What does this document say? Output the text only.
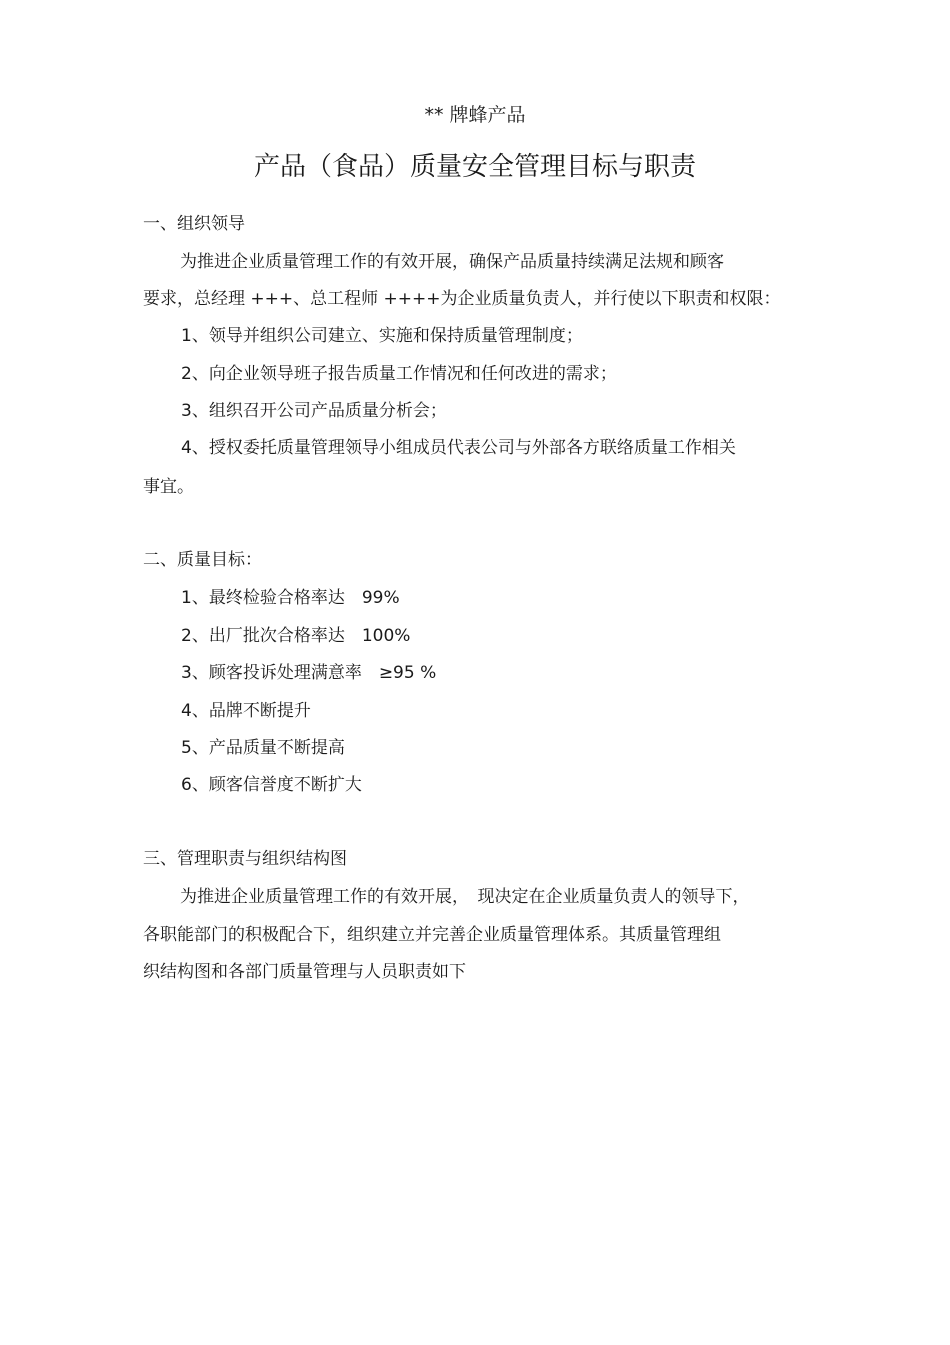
** 牌蜂产品
产品（食品）质量安全管理目标与职责
一、组织领导
为推进企业质量管理工作的有效开展，确保产品质量持续满足法规和顾客
要求，总经理 +++、总工程师 ++++为企业质量负责人，并行使以下职责和权限：
1、领导并组织公司建立、实施和保持质量管理制度；
2、向企业领导班子报告质量工作情况和任何改进的需求；
3、组织召开公司产品质量分析会；
4、授权委托质量管理领导小组成员代表公司与外部各方联络质量工作相关
事宜。
二、质量目标：
1、最终检验合格率达　99%
2、出厂批次合格率达　100%
3、顾客投诉处理满意率　≥95 %
4、品牌不断提升
5、产品质量不断提高
6、顾客信誉度不断扩大
三、管理职责与组织结构图
为推进企业质量管理工作的有效开展，　现决定在企业质量负责人的领导下，
各职能部门的积极配合下，组织建立并完善企业质量管理体系。其质量管理组
织结构图和各部门质量管理与人员职责如下
